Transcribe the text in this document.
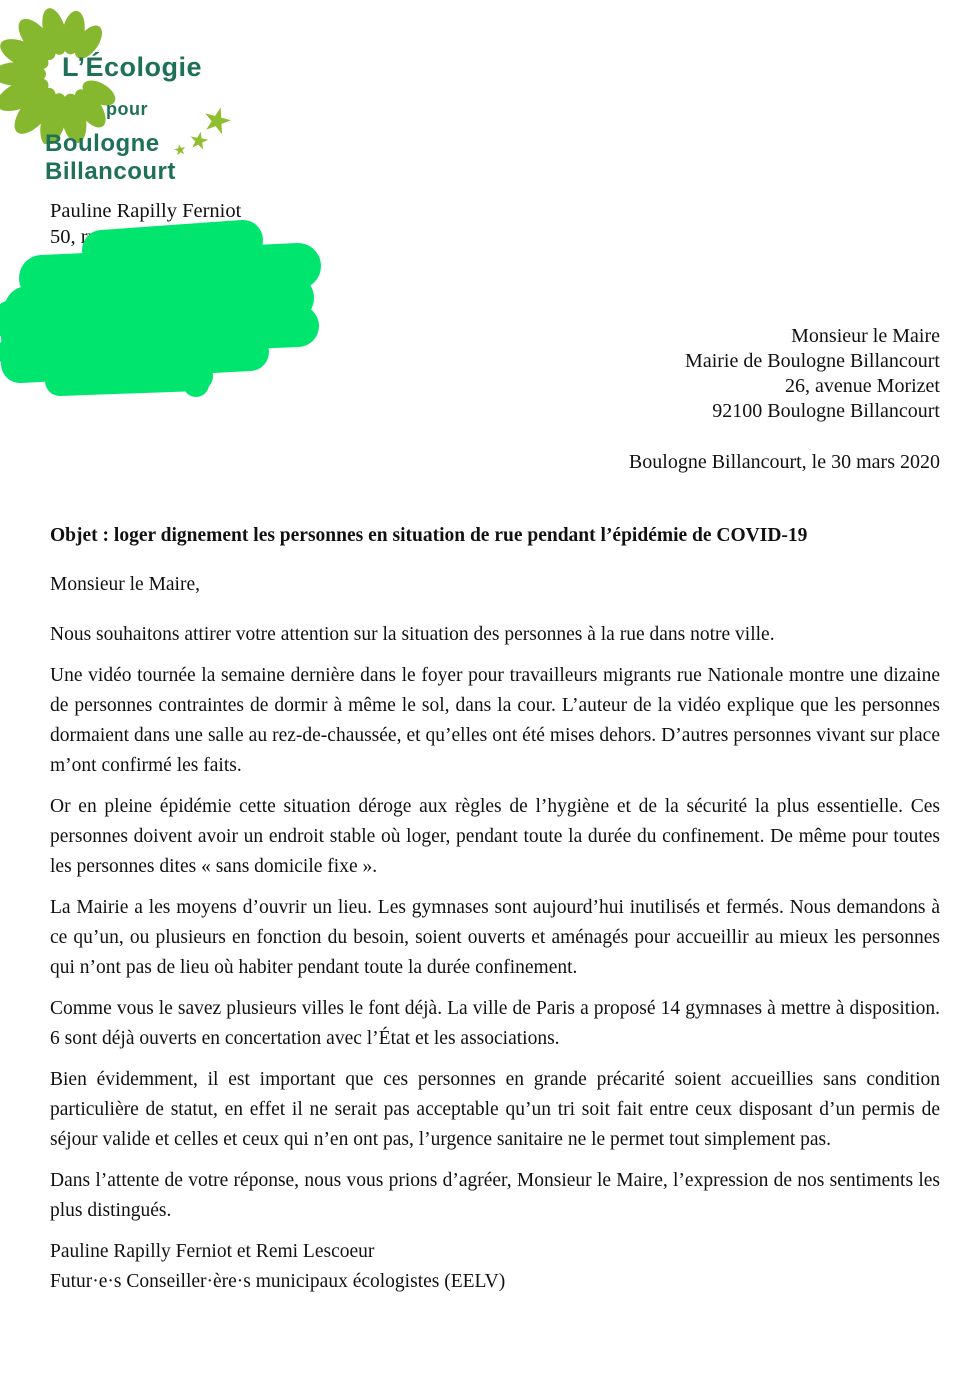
L’Écologie
pour
Boulogne
Billancourt
Pauline Rapilly Ferniot
50, ru
Monsieur le Maire
Mairie de Boulogne Billancourt
26, avenue Morizet
92100 Boulogne Billancourt
Boulogne Billancourt, le 30 mars 2020

Objet : loger dignement les personnes en situation de rue pendant l’épidémie de COVID-19

Monsieur le Maire,

Nous souhaitons attirer votre attention sur la situation des personnes à la rue dans notre ville.

Une vidéo tournée la semaine dernière dans le foyer pour travailleurs migrants rue Nationale montre une dizaine de personnes contraintes de dormir à même le sol, dans la cour. L’auteur de la vidéo explique que les personnes dormaient dans une salle au rez-de-chaussée, et qu’elles ont été mises dehors. D’autres personnes vivant sur place m’ont confirmé les faits.

Or en pleine épidémie cette situation déroge aux règles de l’hygiène et de la sécurité la plus essentielle. Ces personnes doivent avoir un endroit stable où loger, pendant toute la durée du confinement. De même pour toutes les personnes dites « sans domicile fixe ».

La Mairie a les moyens d’ouvrir un lieu. Les gymnases sont aujourd’hui inutilisés et fermés. Nous demandons à ce qu’un, ou plusieurs en fonction du besoin, soient ouverts et aménagés pour accueillir au mieux les personnes qui n’ont pas de lieu où habiter pendant toute la durée confinement.

Comme vous le savez plusieurs villes le font déjà. La ville de Paris a proposé 14 gymnases à mettre à disposition. 6 sont déjà ouverts en concertation avec l’État et les associations.

Bien évidemment, il est important que ces personnes en grande précarité soient accueillies sans condition particulière de statut, en effet il ne serait pas acceptable qu’un tri soit fait entre ceux disposant d’un permis de séjour valide et celles et ceux qui n’en ont pas, l’urgence sanitaire ne le permet tout simplement pas.

Dans l’attente de votre réponse, nous vous prions d’agréer, Monsieur le Maire, l’expression de nos sentiments les plus distingués.

Pauline Rapilly Ferniot et Remi Lescoeur
Futur·e·s Conseiller·ère·s municipaux écologistes (EELV)
